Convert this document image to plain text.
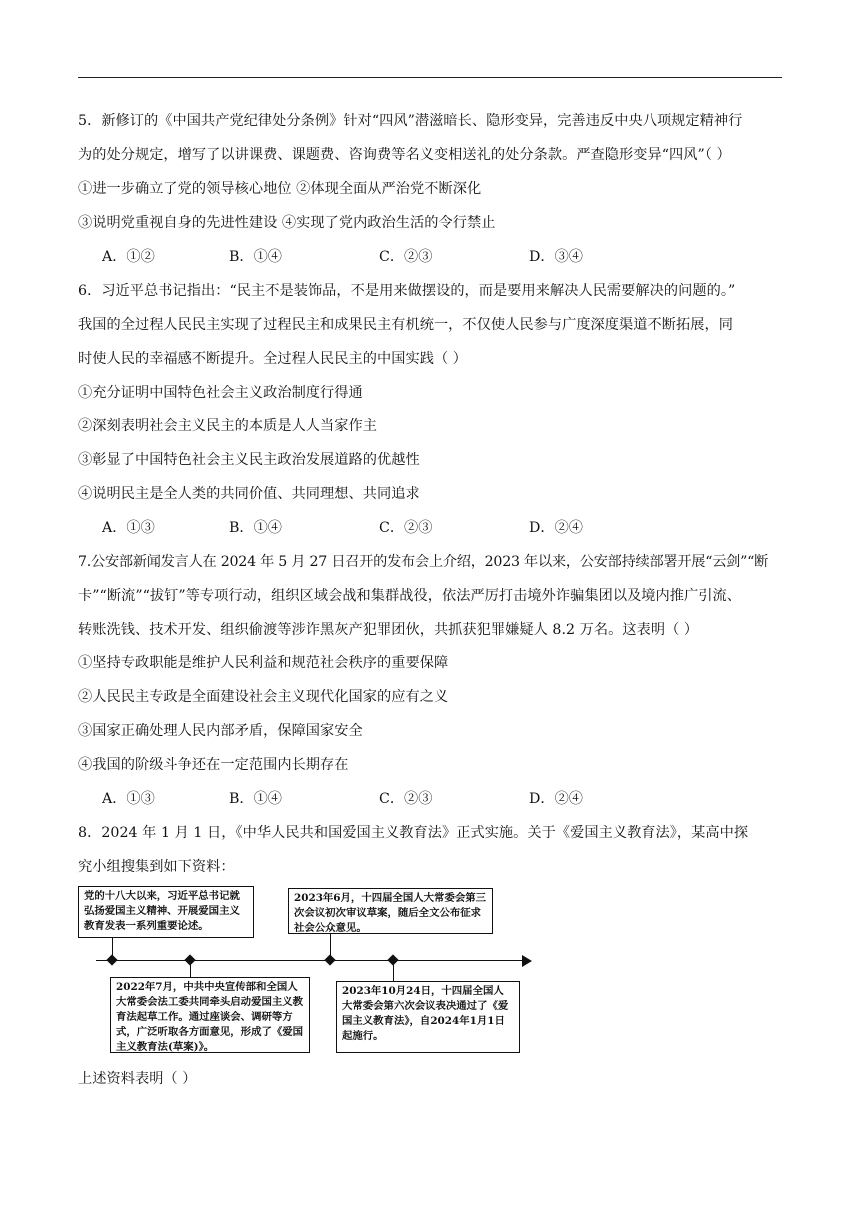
5．新修订的《中国共产党纪律处分条例》针对“四风”潜滋暗长、隐形变异，完善违反中央八项规定精神行
为的处分规定，增写了以讲课费、课题费、咨询费等名义变相送礼的处分条款。严查隐形变异“四风”（ ）
①进一步确立了党的领导核心地位 ②体现全面从严治党不断深化
③说明党重视自身的先进性建设 ④实现了党内政治生活的令行禁止
A．①②	B．①④	C．②③	D．③④
6．习近平总书记指出：“民主不是装饰品，不是用来做摆设的，而是要用来解决人民需要解决的问题的。”
我国的全过程人民民主实现了过程民主和成果民主有机统一，不仅使人民参与广度深度渠道不断拓展，同
时使人民的幸福感不断提升。全过程人民民主的中国实践（ ）
①充分证明中国特色社会主义政治制度行得通
②深刻表明社会主义民主的本质是人人当家作主
③彰显了中国特色社会主义民主政治发展道路的优越性
④说明民主是全人类的共同价值、共同理想、共同追求
A．①③	B．①④	C．②③	D．②④
7.公安部新闻发言人在 2024 年 5 月 27 日召开的发布会上介绍，2023 年以来，公安部持续部署开展“云剑”“断
卡”“断流”“拔钉”等专项行动，组织区域会战和集群战役，依法严厉打击境外诈骗集团以及境内推广引流、
转账洗钱、技术开发、组织偷渡等涉诈黑灰产犯罪团伙，共抓获犯罪嫌疑人 8.2 万名。这表明（ ）
①坚持专政职能是维护人民利益和规范社会秩序的重要保障
②人民民主专政是全面建设社会主义现代化国家的应有之义
③国家正确处理人民内部矛盾，保障国家安全
④我国的阶级斗争还在一定范围内长期存在
A．①③	B．①④	C．②③	D．②④
8．2024 年 1 月 1 日，《中华人民共和国爱国主义教育法》正式实施。关于《爱国主义教育法》，某高中探
究小组搜集到如下资料：
党的十八大以来，习近平总书记就弘扬爱国主义精神、开展爱国主义教育发表一系列重要论述。
2023年6月，十四届全国人大常委会第三次会议初次审议草案，随后全文公布征求社会公众意见。
2022年7月，中共中央宣传部和全国人大常委会法工委共同牵头启动爱国主义教育法起草工作。通过座谈会、调研等方式，广泛听取各方面意见，形成了《爱国主义教育法(草案)》。
2023年10月24日，十四届全国人大常委会第六次会议表决通过了《爱国主义教育法》，自2024年1月1日起施行。
上述资料表明（ ）
